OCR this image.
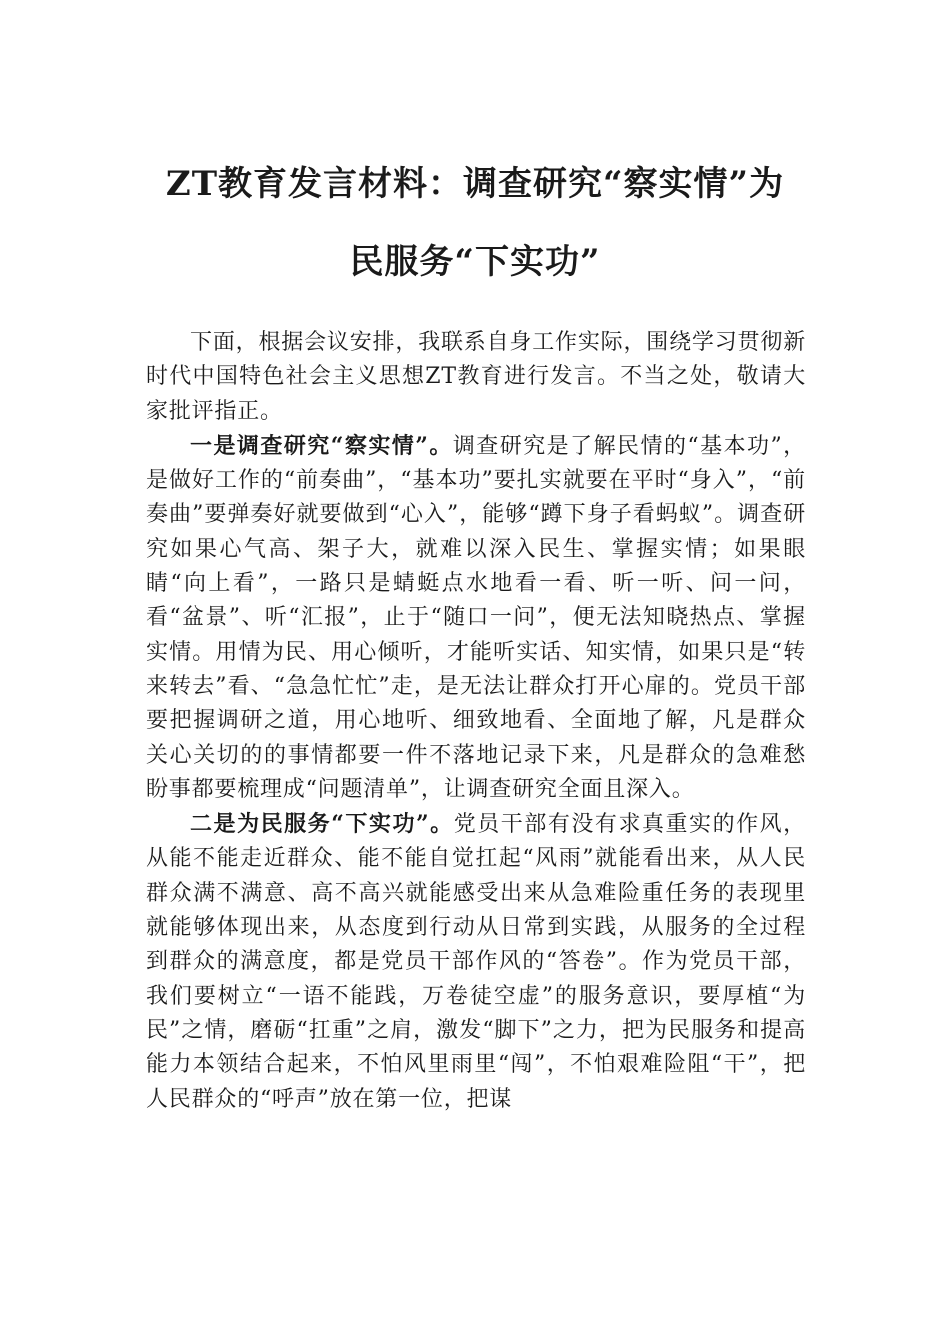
ZT教育发言材料：调查研究“察实情”为
民服务“下实功”

下面，根据会议安排，我联系自身工作实际，围绕学习贯彻新时代中国特色社会主义思想ZT教育进行发言。不当之处，敬请大家批评指正。

一是调查研究“察实情”。调查研究是了解民情的“基本功”，是做好工作的“前奏曲”，“基本功”要扎实就要在平时“身入”，“前奏曲”要弹奏好就要做到“心入”，能够“蹲下身子看蚂蚁”。调查研究如果心气高、架子大，就难以深入民生、掌握实情；如果眼睛“向上看”，一路只是蜻蜓点水地看一看、听一听、问一问，看“盆景”、听“汇报”，止于“随口一问”，便无法知晓热点、掌握实情。用情为民、用心倾听，才能听实话、知实情，如果只是“转来转去”看、“急急忙忙”走，是无法让群众打开心扉的。党员干部要把握调研之道，用心地听、细致地看、全面地了解，凡是群众关心关切的的事情都要一件不落地记录下来，凡是群众的急难愁盼事都要梳理成“问题清单”，让调查研究全面且深入。

二是为民服务“下实功”。党员干部有没有求真重实的作风，从能不能走近群众、能不能自觉扛起“风雨”就能看出来，从人民群众满不满意、高不高兴就能感受出来从急难险重任务的表现里就能够体现出来，从态度到行动从日常到实践，从服务的全过程到群众的满意度，都是党员干部作风的“答卷”。作为党员干部，我们要树立“一语不能践，万卷徒空虚”的服务意识，要厚植“为民”之情，磨砺“扛重”之肩，激发“脚下”之力，把为民服务和提高能力本领结合起来，不怕风里雨里“闯”，不怕艰难险阻“干”，把人民群众的“呼声”放在第一位，把谋
